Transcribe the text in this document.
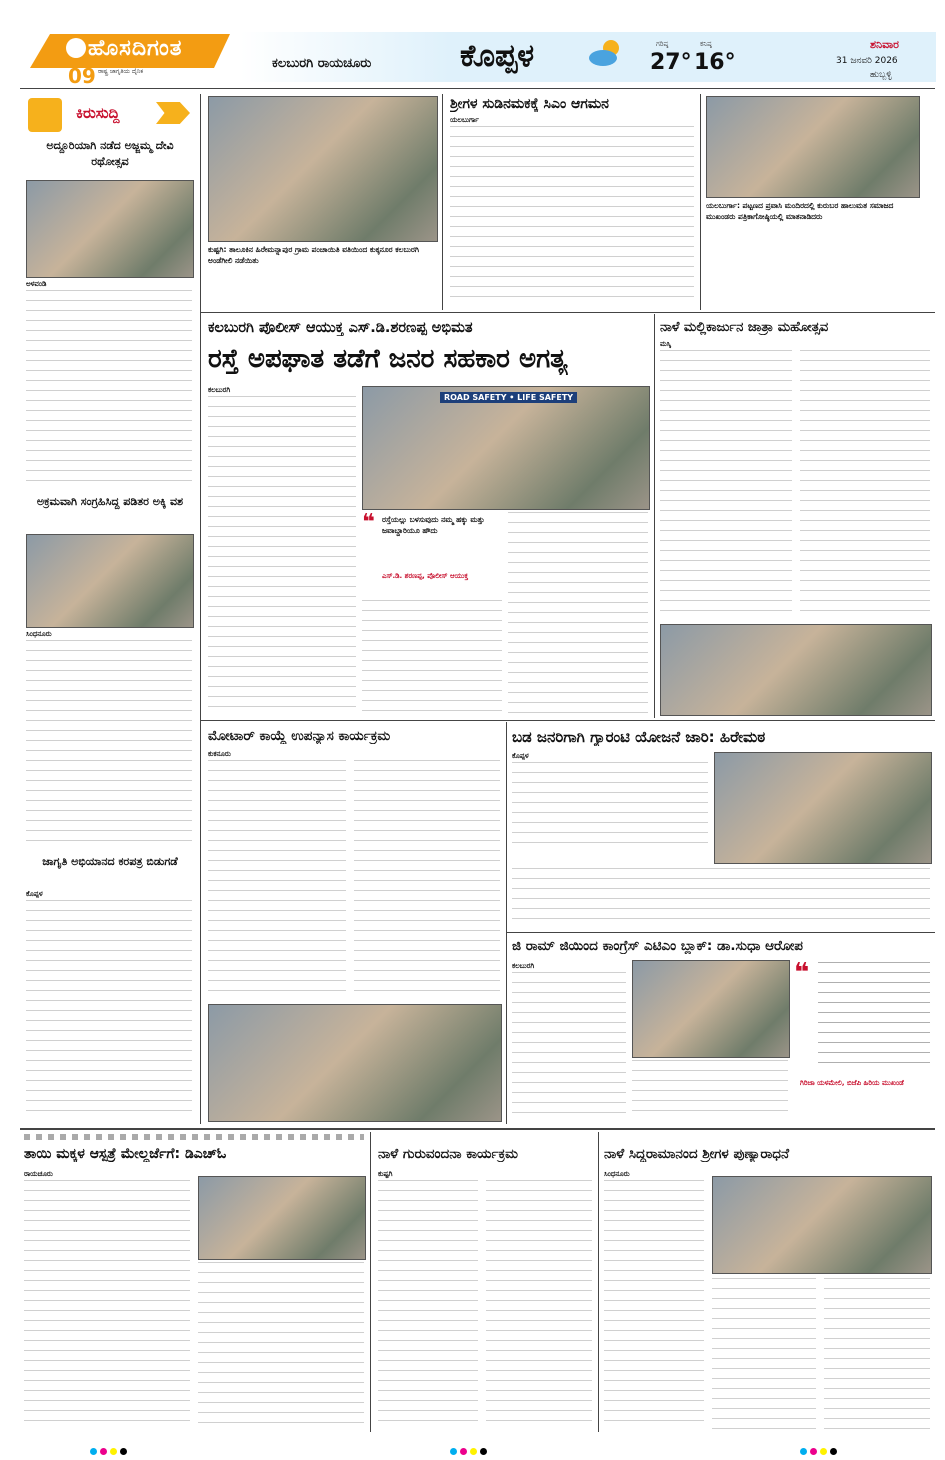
ಹೊಸದಿಗಂತ
ರಾಷ್ಟ್ರ ಜಾಗೃತಿಯ ದೈನಿಕ
09
ಕಲಬುರಗಿ ರಾಯಚೂರು	ಕೊಪ್ಪಳ	ಗರಿಷ್ಠ
27°
ಕನಿಷ್ಠ
16°
ಶನಿವಾರ
31 ಜನವರಿ 2026
ಹುಬ್ಬಳ್ಳಿ
ಕಿರುಸುದ್ದಿ
ಅದ್ದೂರಿಯಾಗಿ ನಡೆದ ಅಜ್ಜಮ್ಮ ದೇವಿ ರಥೋತ್ಸವ
ಅಳವಂಡಿ
ಅಕ್ರಮವಾಗಿ ಸಂಗ್ರಹಿಸಿದ್ದ ಪಡಿತರ ಅಕ್ಕಿ ವಶ
ಸಿಂಧನೂರು
ಜಾಗೃತಿ ಅಭಿಯಾನದ ಕರಪತ್ರ ಬಿಡುಗಡೆ
ಕೊಪ್ಪಳ
ಕುಷ್ಟಗಿ: ತಾಲೂಕಿನ ಹಿರೇಮನ್ನಾಪುರ ಗ್ರಾಮ ಪಂಚಾಯಿತಿ ವತಿಯಿಂದ ಕುಕ್ಕನೂರ ಕಲಬುರಗಿ ಅಂಡೆಗೀಲಿ ನಡೆಯಿತು
ಶ್ರೀಗಳ ಸುಡಿನಮಕಕ್ಕೆ ಸಿಎಂ ಆಗಮನ
ಯಲಬುರ್ಗಾ
ಯಲಬುರ್ಗಾ: ಪಟ್ಟಣದ ಪ್ರವಾಸಿ ಮಂದಿರದಲ್ಲಿ ಕುರುಬರ ಹಾಲುಮತ ಸಮಾಜದ ಮುಖಂಡರು ಪತ್ರಿಕಾಗೋಷ್ಠಿಯಲ್ಲಿ ಮಾತನಾಡಿದರು
ಕಲಬುರಗಿ ಪೊಲೀಸ್ ಆಯುಕ್ತ ಎಸ್.ಡಿ.ಶರಣಪ್ಪ ಅಭಿಮತ
ರಸ್ತೆ ಅಪಘಾತ ತಡೆಗೆ ಜನರ ಸಹಕಾರ ಅಗತ್ಯ
ಕಲಬುರಗಿ
ROAD SAFETY • LIFE SAFETY
❝ ರಸ್ತೆಯಲ್ಲು ಬಳಸುವುದು ನಮ್ಮ ಹಕ್ಕು ಮತ್ತು ಜವಾಬ್ದಾರಿಯೂ ಹೌದು
ಎಸ್.ಡಿ. ಶರಣಪ್ಪ, ಪೊಲೀಸ್ ಆಯುಕ್ತ
ನಾಳೆ ಮಲ್ಲಿಕಾರ್ಜುನ ಜಾತ್ರಾ ಮಹೋತ್ಸವ
ಮಸ್ಕಿ
ಮೋಟಾರ್ ಕಾಯ್ದೆ ಉಪನ್ಯಾಸ ಕಾರ್ಯಕ್ರಮ
ಕುಕನೂರು
ಬಡ ಜನರಿಗಾಗಿ ಗ್ಯಾರಂಟಿ ಯೋಜನೆ ಜಾರಿ: ಹಿರೇಮಠ
ಕೊಪ್ಪಳ
ಜಿ ರಾಮ್ ಜಿಯಿಂದ ಕಾಂಗ್ರೆಸ್ ಎಟಿಎಂ ಬ್ಲಾಕ್: ಡಾ.ಸುಧಾ ಆರೋಪ
ಕಲಬುರಗಿ	❝
ಗಿರಿಜಾ ಯಳಮೇಲಿ, ಬಿಜೆಪಿ ಹಿರಿಯ ಮುಖಂಡೆ
ತಾಯಿ ಮಕ್ಕಳ ಆಸ್ಪತ್ರೆ ಮೇಲ್ದರ್ಜೆಗೆ: ಡಿಎಚ್ಓ
ರಾಯಚೂರು
ನಾಳೆ ಗುರುವಂದನಾ ಕಾರ್ಯಕ್ರಮ
ಕುಷ್ಟಗಿ
ನಾಳೆ ಸಿದ್ಧರಾಮಾನಂದ ಶ್ರೀಗಳ ಪುಣ್ಯಾರಾಧನೆ
ಸಿಂಧನೂರು
